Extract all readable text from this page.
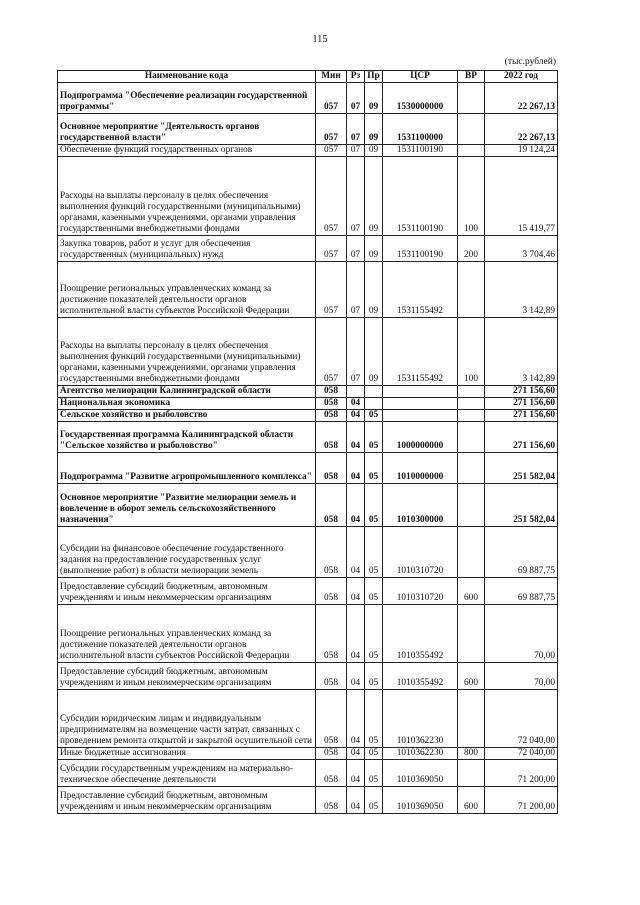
115
(тыс.рублей)
Наименование кода	Мин	Рз	Пр	ЦСР	ВР	2022 год
Подпрограмма "Обеспечение реализации государственной программы"	057	07	09	1530000000		22 267,13
Основное мероприятие "Деятельность органов государственной власти"	057	07	09	1531100000		22 267,13
Обеспечение функций государственных органов	057	07	09	1531100190		19 124,24
Расходы на выплаты персоналу в целях обеспечения выполнения функций государственными (муниципальными) органами, казенными учреждениями, органами управления государственными внебюджетными фондами	057	07	09	1531100190	100	15 419,77
Закупка товаров, работ и услуг для обеспечения государственных (муниципальных) нужд	057	07	09	1531100190	200	3 704,46
Поощрение региональных управленческих команд за достижение показателей деятельности органов исполнительной власти субъектов Российской Федерации	057	07	09	1531155492		3 142,89
Расходы на выплаты персоналу в целях обеспечения выполнения функций государственными (муниципальными) органами, казенными учреждениями, органами управления государственными внебюджетными фондами	057	07	09	1531155492	100	3 142,89
Агентство мелиорации Калининградской области	058					271 156,60
Национальная экономика	058	04				271 156,60
Сельское хозяйство и рыболовство	058	04	05			271 156,60
Государственная программа Калининградской области "Сельское хозяйство и рыболовство"	058	04	05	1000000000		271 156,60
Подпрограмма "Развитие агропромышленного комплекса"	058	04	05	1010000000		251 582,04
Основное мероприятие "Развитие мелиорации земель и вовлечение в оборот земель сельскохозяйственного назначения"	058	04	05	1010300000		251 582,04
Субсидии на финансовое обеспечение государственного задания на предоставление государственных услуг (выполнение работ) в области мелиорации земель	058	04	05	1010310720		69 887,75
Предоставление субсидий бюджетным, автономным учреждениям и иным некоммерческим организациям	058	04	05	1010310720	600	69 887,75
Поощрение региональных управленческих команд за достижение показателей деятельности органов исполнительной власти субъектов Российской Федерации	058	04	05	1010355492		70,00
Предоставление субсидий бюджетным, автономным учреждениям и иным некоммерческим организациям	058	04	05	1010355492	600	70,00
Субсидии юридическим лицам и индивидуальным предпринимателям на возмещение части затрат, связанных с проведением ремонта открытой и закрытой осушительной сети	058	04	05	1010362230		72 040,00
Иные бюджетные ассигнования	058	04	05	1010362230	800	72 040,00
Субсидии государственным учреждениям на материально-техническое обеспечение деятельности	058	04	05	1010369050		71 200,00
Предоставление субсидий бюджетным, автономным учреждениям и иным некоммерческим организациям	058	04	05	1010369050	600	71 200,00
